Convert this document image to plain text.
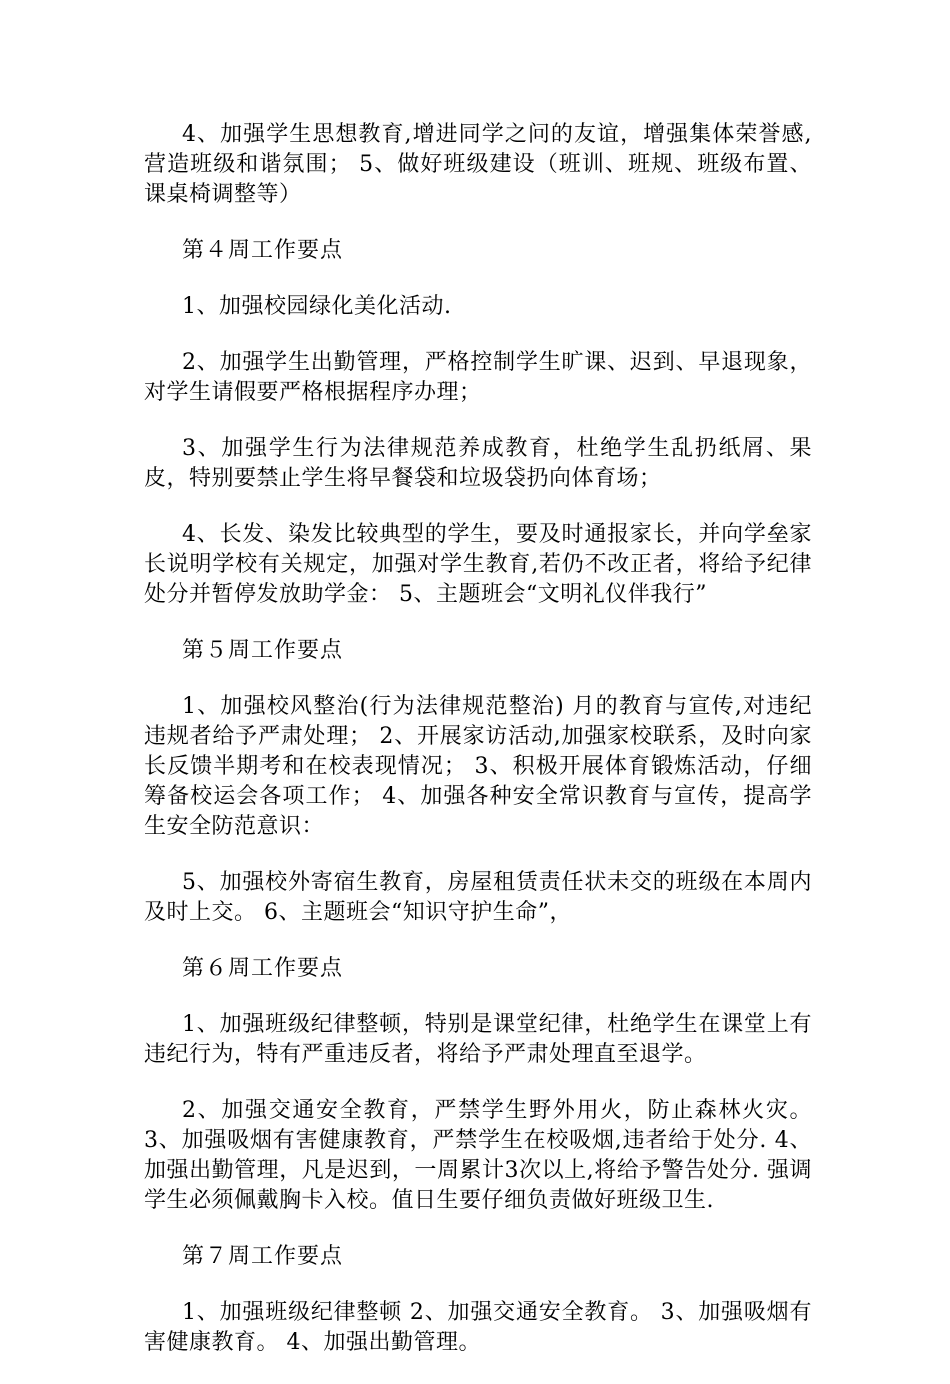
4、加强学生思想教育,增进同学之问的友谊，增强集体荣誉感,营造班级和谐氛围； 5、做好班级建设（班训、班规、班级布置、课桌椅调整等）

第４周工作要点

1、加强校园绿化美化活动.

2、加强学生出勤管理，严格控制学生旷课、迟到、早退现象，对学生请假要严格根据程序办理；

3、加强学生行为法律规范养成教育，杜绝学生乱扔纸屑、果皮，特别要禁止学生将早餐袋和垃圾袋扔向体育场；

4、长发、染发比较典型的学生，要及时通报家长，并向学垒家长说明学校有关规定，加强对学生教育,若仍不改正者，将给予纪律处分并暂停发放助学金： 5、主题班会“文明礼仪伴我行”

第５周工作要点

1、加强校风整治(行为法律规范整治) 月的教育与宣传,对违纪违规者给予严肃处理； 2、开展家访活动,加强家校联系，及时向家长反馈半期考和在校表现情况； 3、积极开展体育锻炼活动，仔细筹备校运会各项工作； 4、加强各种安全常识教育与宣传，提高学生安全防范意识：

5、加强校外寄宿生教育，房屋租赁责任状未交的班级在本周内及时上交。 6、主题班会“知识守护生命”，

第６周工作要点

1、加强班级纪律整顿，特别是课堂纪律，杜绝学生在课堂上有违纪行为，特有严重违反者，将给予严肃处理直至退学。

2、加强交通安全教育，严禁学生野外用火，防止森林火灾。 3、加强吸烟有害健康教育，严禁学生在校吸烟,违者给于处分. 4、加强出勤管理，凡是迟到，一周累计3次以上,将给予警告处分. 强调学生必须佩戴胸卡入校。值日生要仔细负责做好班级卫生.

第７周工作要点

1、加强班级纪律整顿 2、加强交通安全教育。 3、加强吸烟有害健康教育。 4、加强出勤管理。
